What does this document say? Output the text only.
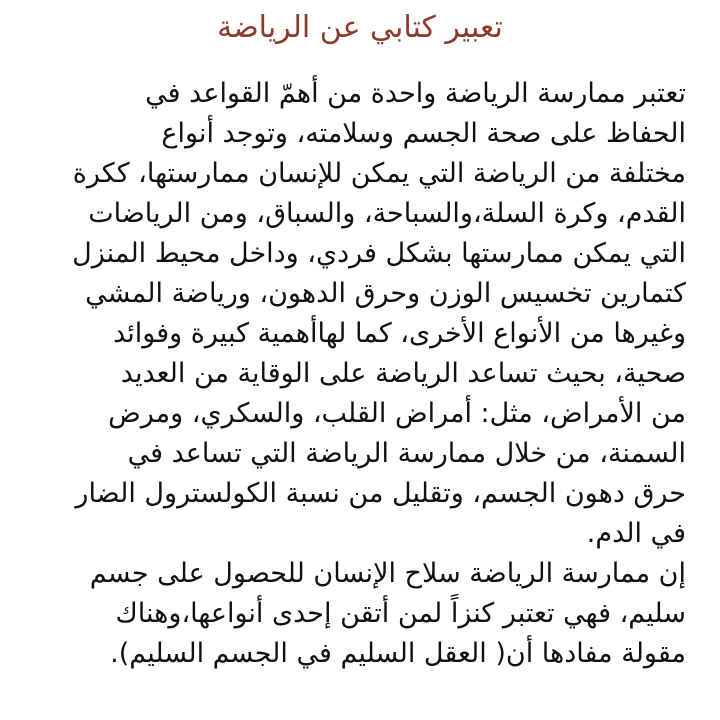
تعبير كتابي عن الرياضة
تعتبر ممارسة الرياضة واحدة من أهمّ القواعد في
الحفاظ على صحة الجسم وسلامته، وتوجد أنواع
مختلفة من الرياضة التي يمكن للإنسان ممارستها، ككرة
القدم، وكرة السلة،والسباحة، والسباق، ومن الرياضات
التي يمكن ممارستها بشكل فردي، وداخل محيط المنزل
كتمارين تخسيس الوزن وحرق الدهون، ورياضة المشي
وغيرها من الأنواع الأخرى، كما لهاأهمية كبيرة وفوائد
صحية، بحيث تساعد الرياضة على الوقاية من العديد
من الأمراض، مثل: أمراض القلب، والسكري، ومرض
السمنة، من خلال ممارسة الرياضة التي تساعد في
حرق دهون الجسم، وتقليل من نسبة الكولسترول الضار
في الدم.
إن ممارسة الرياضة سلاح الإنسان للحصول على جسم
سليم، فهي تعتبر كنزاً لمن أتقن إحدى أنواعها،وهناك
مقولة مفادها أن( العقل السليم في الجسم السليم).
